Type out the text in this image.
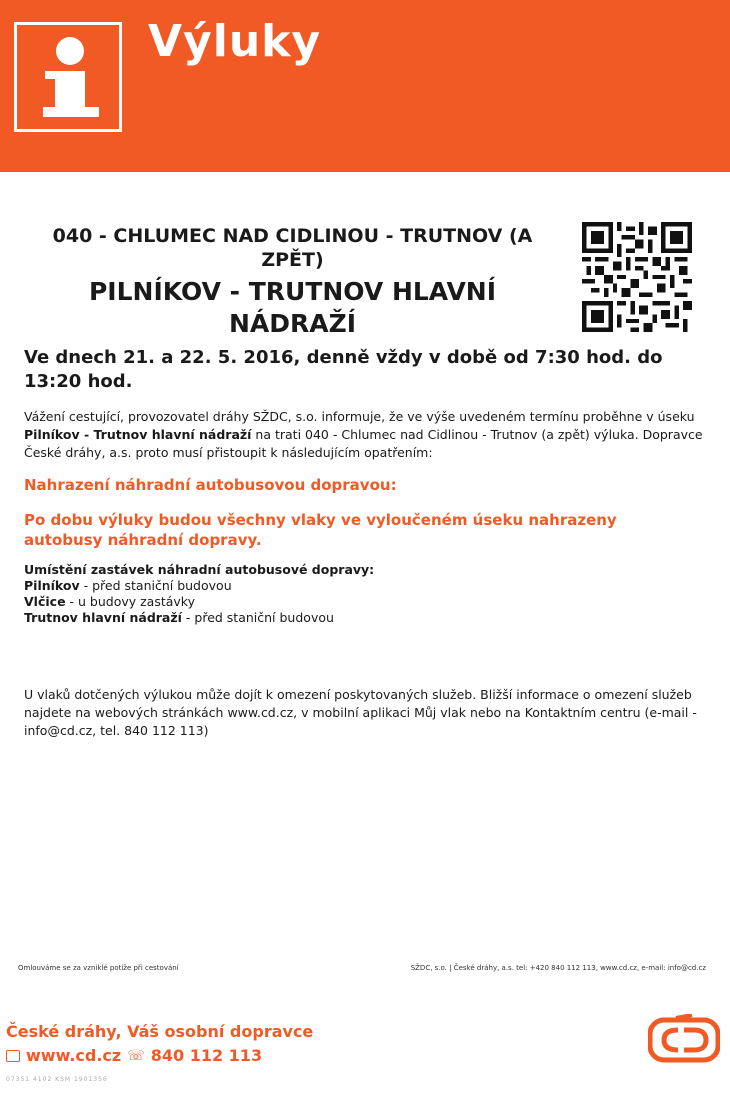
Výluky
040 - CHLUMEC NAD CIDLINOU - TRUTNOV (A ZPĚT)
PILNÍKOV - TRUTNOV HLAVNÍ NÁDRAŽÍ
Ve dnech 21. a 22. 5. 2016, denně vždy v době od 7:30 hod. do 13:20 hod.
Vážení cestující, provozovatel dráhy SŽDC, s.o. informuje, že ve výše uvedeném termínu proběhne v úseku Pilníkov - Trutnov hlavní nádraží na trati 040 - Chlumec nad Cidlinou - Trutnov (a zpět) výluka. Dopravce České dráhy, a.s. proto musí přistoupit k následujícím opatřením:
Nahrazení náhradní autobusovou dopravou:
Po dobu výluky budou všechny vlaky ve vyloučeném úseku nahrazeny autobusy náhradní dopravy.
Umístění zastávek náhradní autobusové dopravy:
Pilníkov - před staniční budovou
Vlčice - u budovy zastávky
Trutnov hlavní nádraží - před staniční budovou
U vlaků dotčených výlukou může dojít k omezení poskytovaných služeb. Bližší informace o omezení služeb najdete na webových stránkách www.cd.cz, v mobilní aplikaci Můj vlak nebo na Kontaktním centru (e-mail - info@cd.cz, tel. 840 112 113)
Omlouváme se za vzniklé potíže při cestování	SŽDC, s.o. | České dráhy, a.s. tel: +420 840 112 113, www.cd.cz, e-mail: info@cd.cz
České dráhy, Váš osobní dopravce
www.cd.cz ☏ 840 112 113
07351 4102 KSM 1901356
